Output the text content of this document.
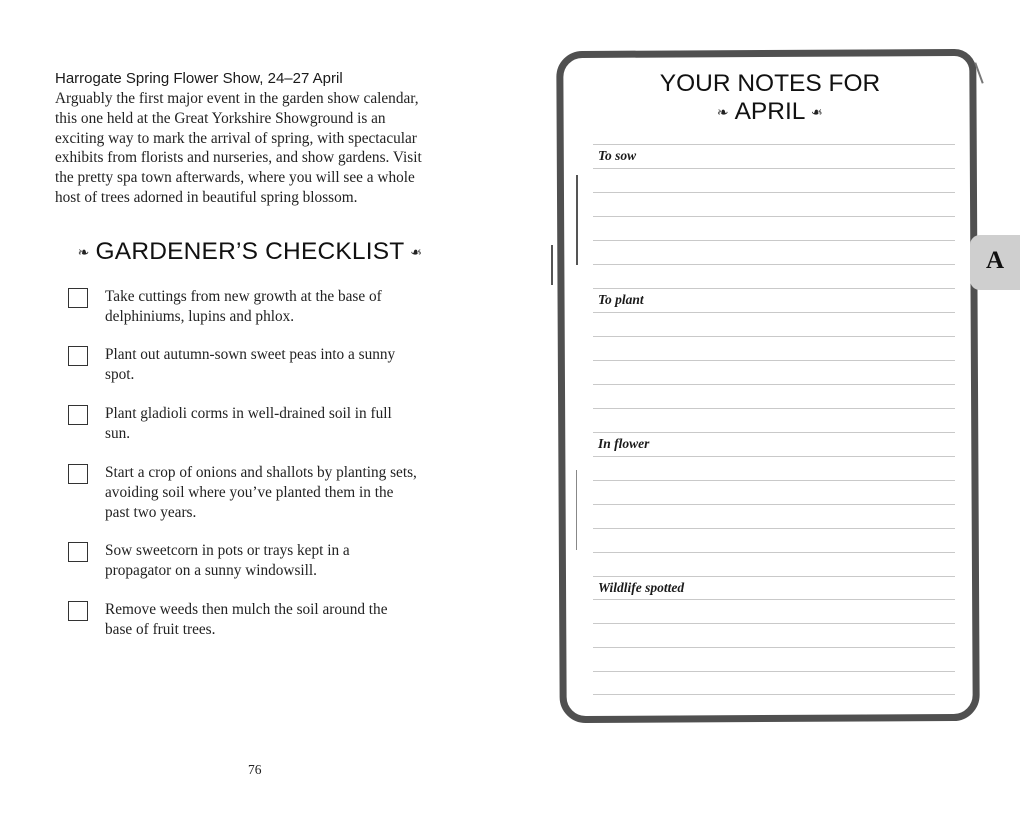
Harrogate Spring Flower Show, 24–27 April
Arguably the first major event in the garden show calendar,
this one held at the Great Yorkshire Showground is an
exciting way to mark the arrival of spring, with spectacular
exhibits from florists and nurseries, and show gardens. Visit
the pretty spa town afterwards, where you will see a whole
host of trees adorned in beautiful spring blossom.
❧ GARDENER’S CHECKLIST ❧
Take cuttings from new growth at the base of
delphiniums, lupins and phlox.
Plant out autumn-sown sweet peas into a sunny
spot.
Plant gladioli corms in well-drained soil in full
sun.
Start a crop of onions and shallots by planting sets,
avoiding soil where you’ve planted them in the
past two years.
Sow sweetcorn in pots or trays kept in a
propagator on a sunny windowsill.
Remove weeds then mulch the soil around the
base of fruit trees.
76
YOUR NOTES FOR
❧ APRIL ❧
To sow
To plant
In flower
Wildlife spotted
A
